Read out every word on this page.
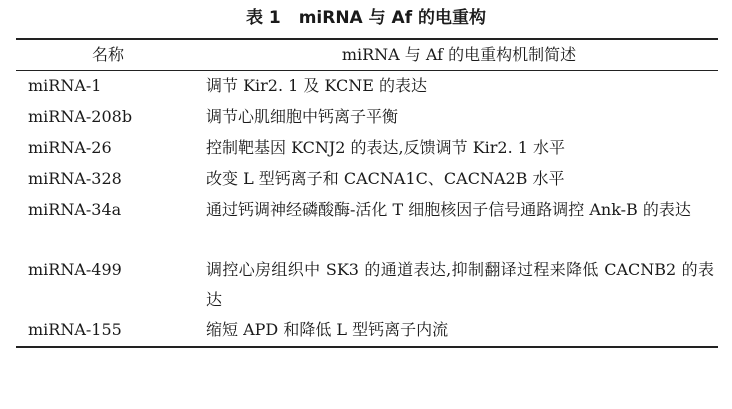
表 1 miRNA 与 Af 的电重构
名称	miRNA 与 Af 的电重构机制简述
miRNA-1	调节 Kir2. 1 及 KCNE 的表达
miRNA-208b	调节心肌细胞中钙离子平衡
miRNA-26	控制靶基因 KCNJ2 的表达,反馈调节 Kir2. 1 水平
miRNA-328	改变 L 型钙离子和 CACNA1C、CACNA2B 水平
miRNA-34a	通过钙调神经磷酸酶-活化 T 细胞核因子信号通路调控 Ank-B 的表达
miRNA-499	调控心房组织中 SK3 的通道表达,抑制翻译过程来降低 CACNB2 的表达
miRNA-155	缩短 APD 和降低 L 型钙离子内流
